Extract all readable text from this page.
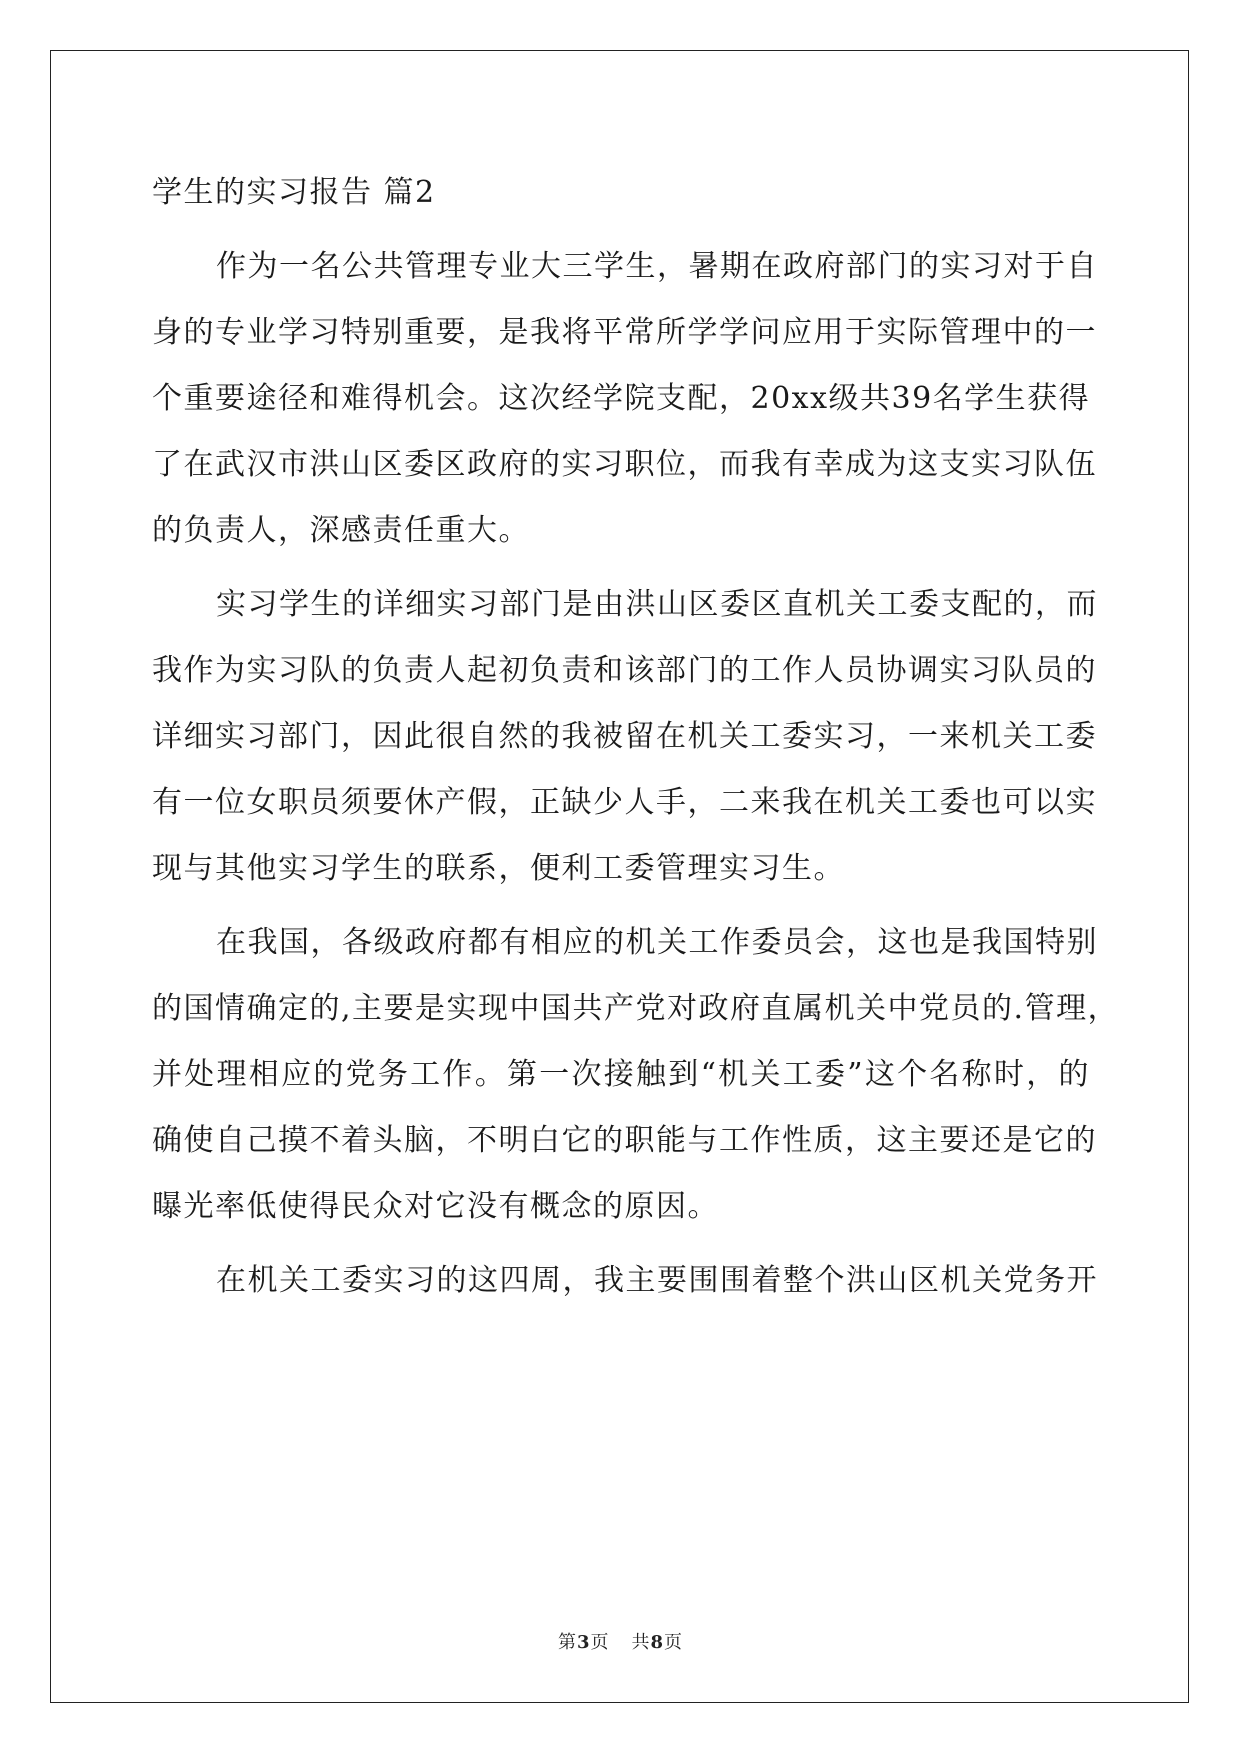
学生的实习报告 篇2
作为一名公共管理专业大三学生，暑期在政府部门的实习对于自
身的专业学习特别重要，是我将平常所学学问应用于实际管理中的一
个重要途径和难得机会。这次经学院支配，20xx级共39名学生获得
了在武汉市洪山区委区政府的实习职位，而我有幸成为这支实习队伍
的负责人，深感责任重大。
实习学生的详细实习部门是由洪山区委区直机关工委支配的，而
我作为实习队的负责人起初负责和该部门的工作人员协调实习队员的
详细实习部门，因此很自然的我被留在机关工委实习，一来机关工委
有一位女职员须要休产假，正缺少人手，二来我在机关工委也可以实
现与其他实习学生的联系，便利工委管理实习生。
在我国，各级政府都有相应的机关工作委员会，这也是我国特别
的国情确定的,主要是实现中国共产党对政府直属机关中党员的.管理，
并处理相应的党务工作。第一次接触到“机关工委”这个名称时，的
确使自己摸不着头脑，不明白它的职能与工作性质，这主要还是它的
曝光率低使得民众对它没有概念的原因。
在机关工委实习的这四周，我主要围围着整个洪山区机关党务开
第3页 共8页
